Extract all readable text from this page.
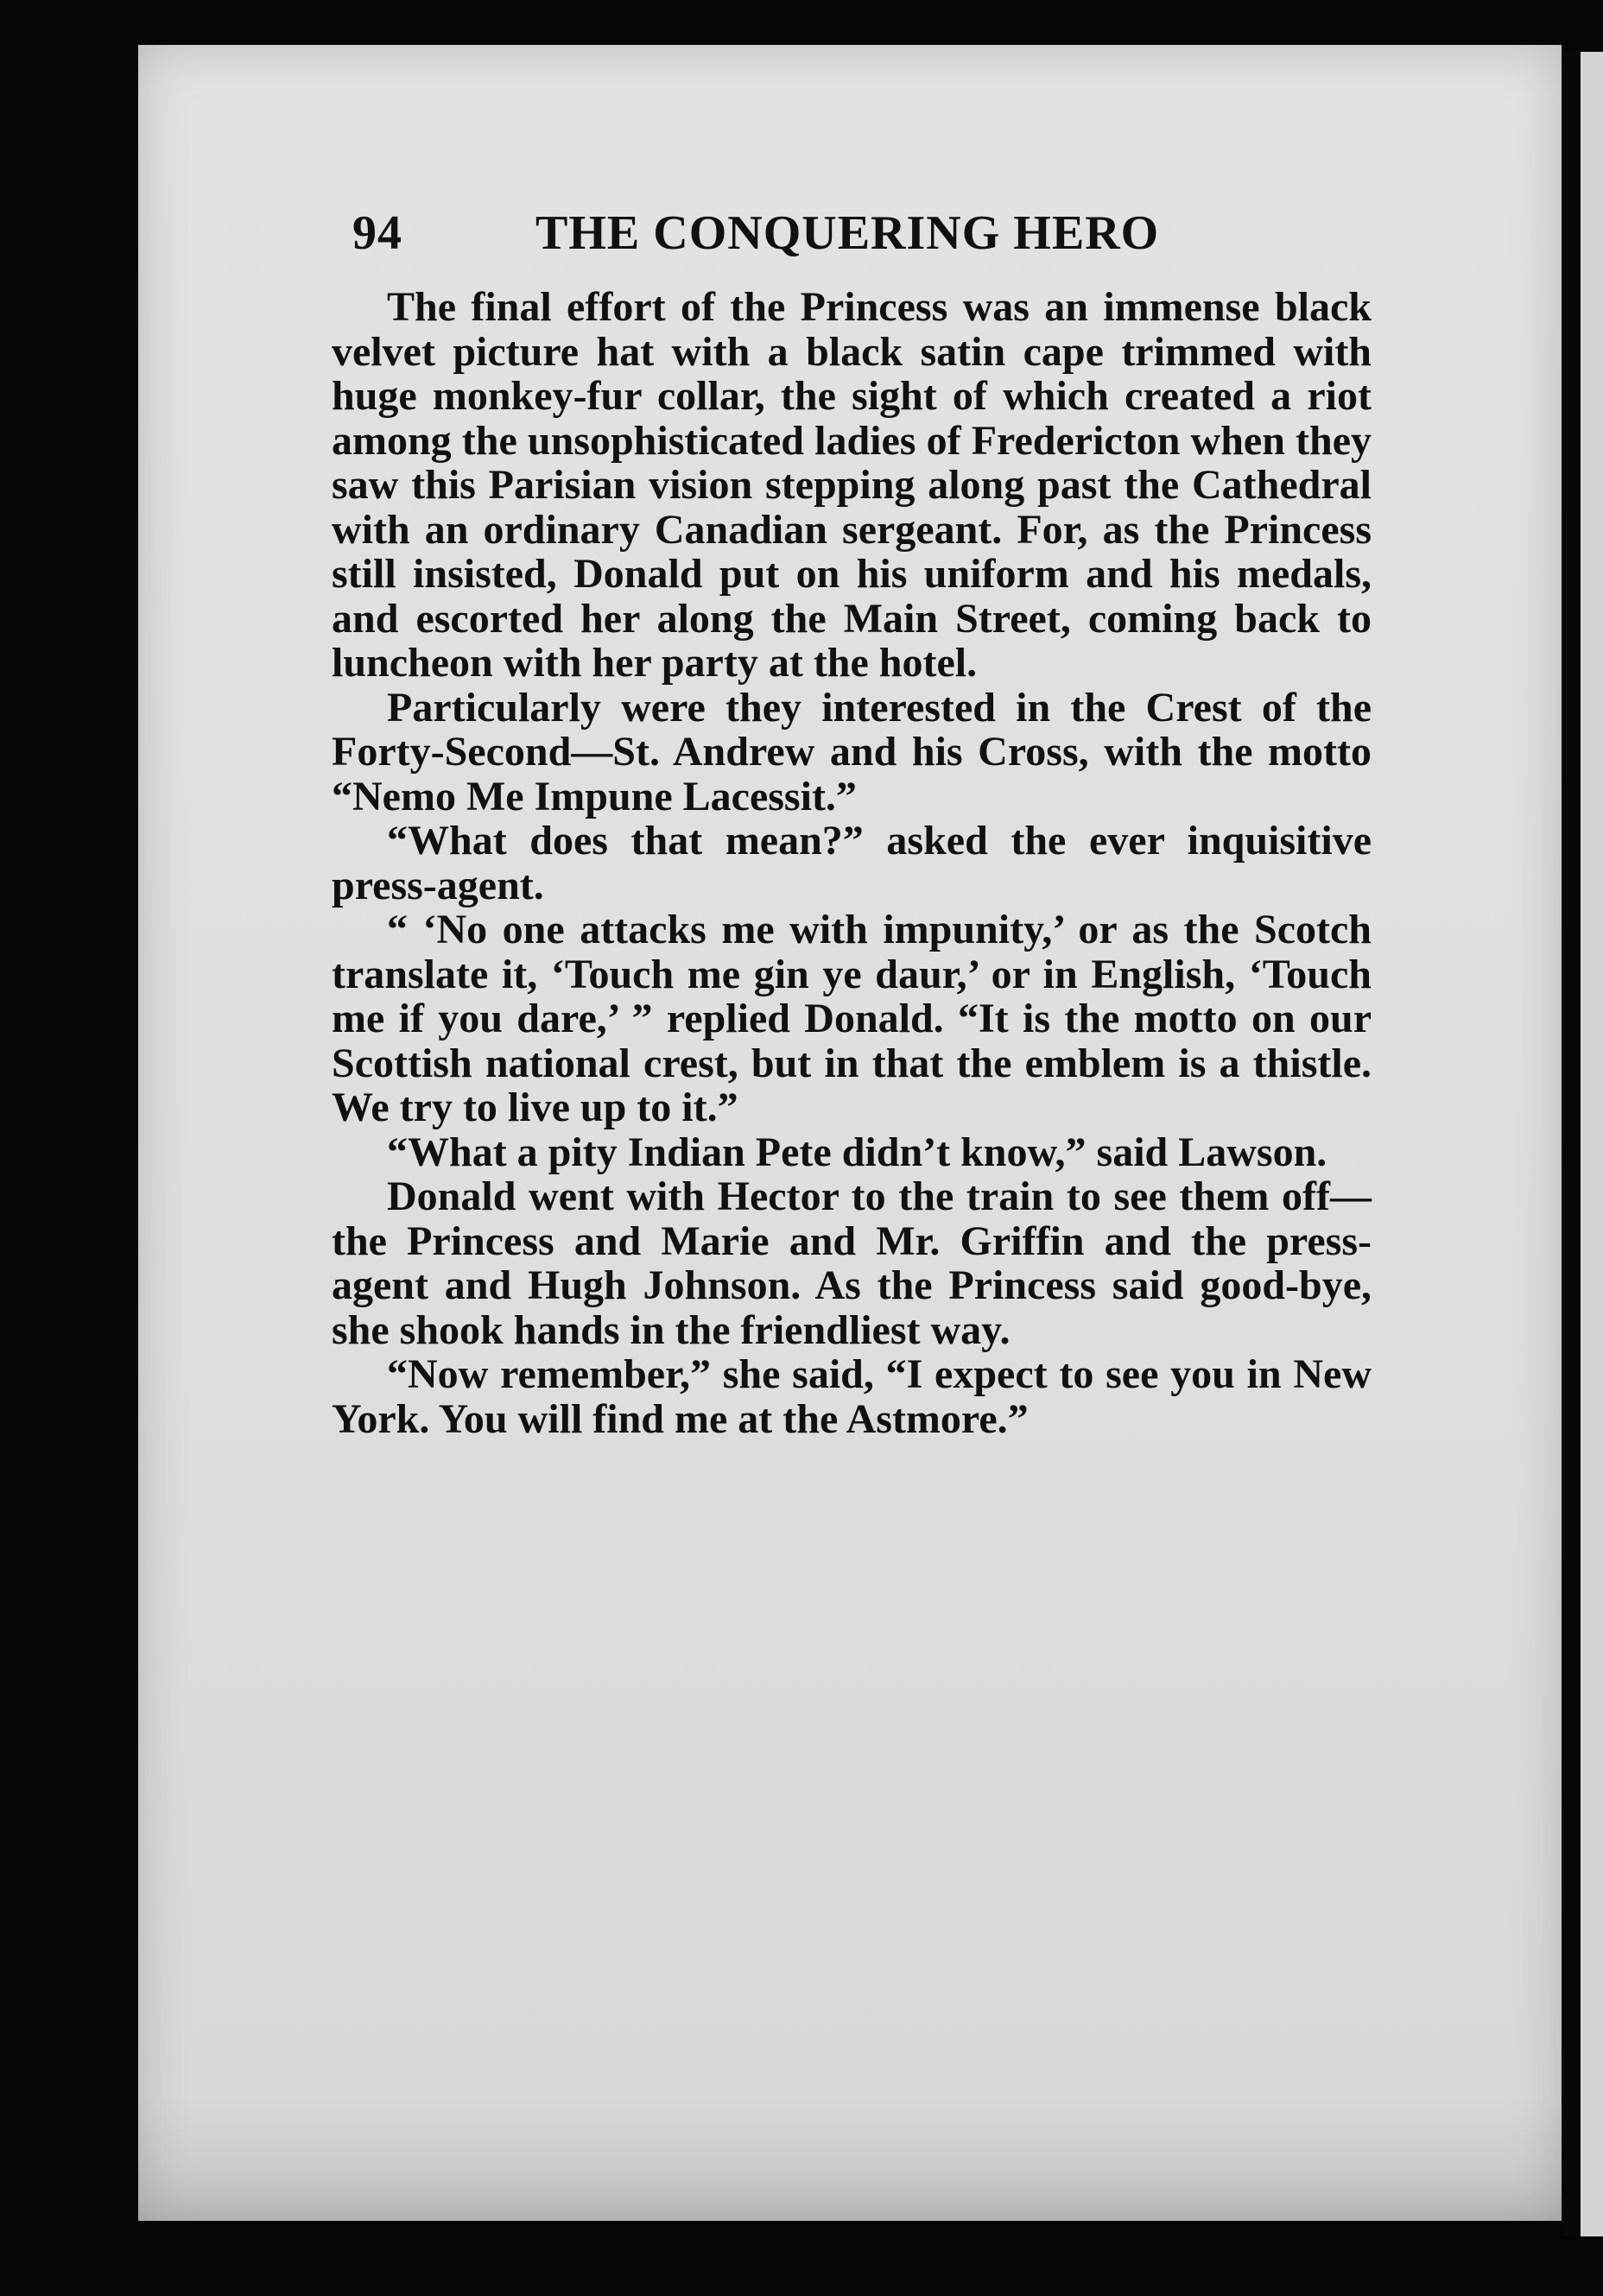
94	THE CONQUERING HERO

The final effort of the Princess was an immense black velvet picture hat with a black satin cape trimmed with huge monkey-fur collar, the sight of which created a riot among the unsophisticated ladies of Fredericton when they saw this Parisian vision stepping along past the Cathedral with an ordinary Canadian sergeant. For, as the Princess still insisted, Donald put on his uniform and his medals, and escorted her along the Main Street, coming back to luncheon with her party at the hotel.

Particularly were they interested in the Crest of the Forty-Second—St. Andrew and his Cross, with the motto “Nemo Me Impune Lacessit.”

“What does that mean?” asked the ever inquisitive press-agent.

“ ‘No one attacks me with impunity,’ or as the Scotch translate it, ‘Touch me gin ye daur,’ or in English, ‘Touch me if you dare,’ ” replied Donald. “It is the motto on our Scottish national crest, but in that the emblem is a thistle. We try to live up to it.”

“What a pity Indian Pete didn’t know,” said Lawson.

Donald went with Hector to the train to see them off—the Princess and Marie and Mr. Griffin and the press-agent and Hugh Johnson. As the Princess said good-bye, she shook hands in the friendliest way.

“Now remember,” she said, “I expect to see you in New York. You will find me at the Astmore.”
